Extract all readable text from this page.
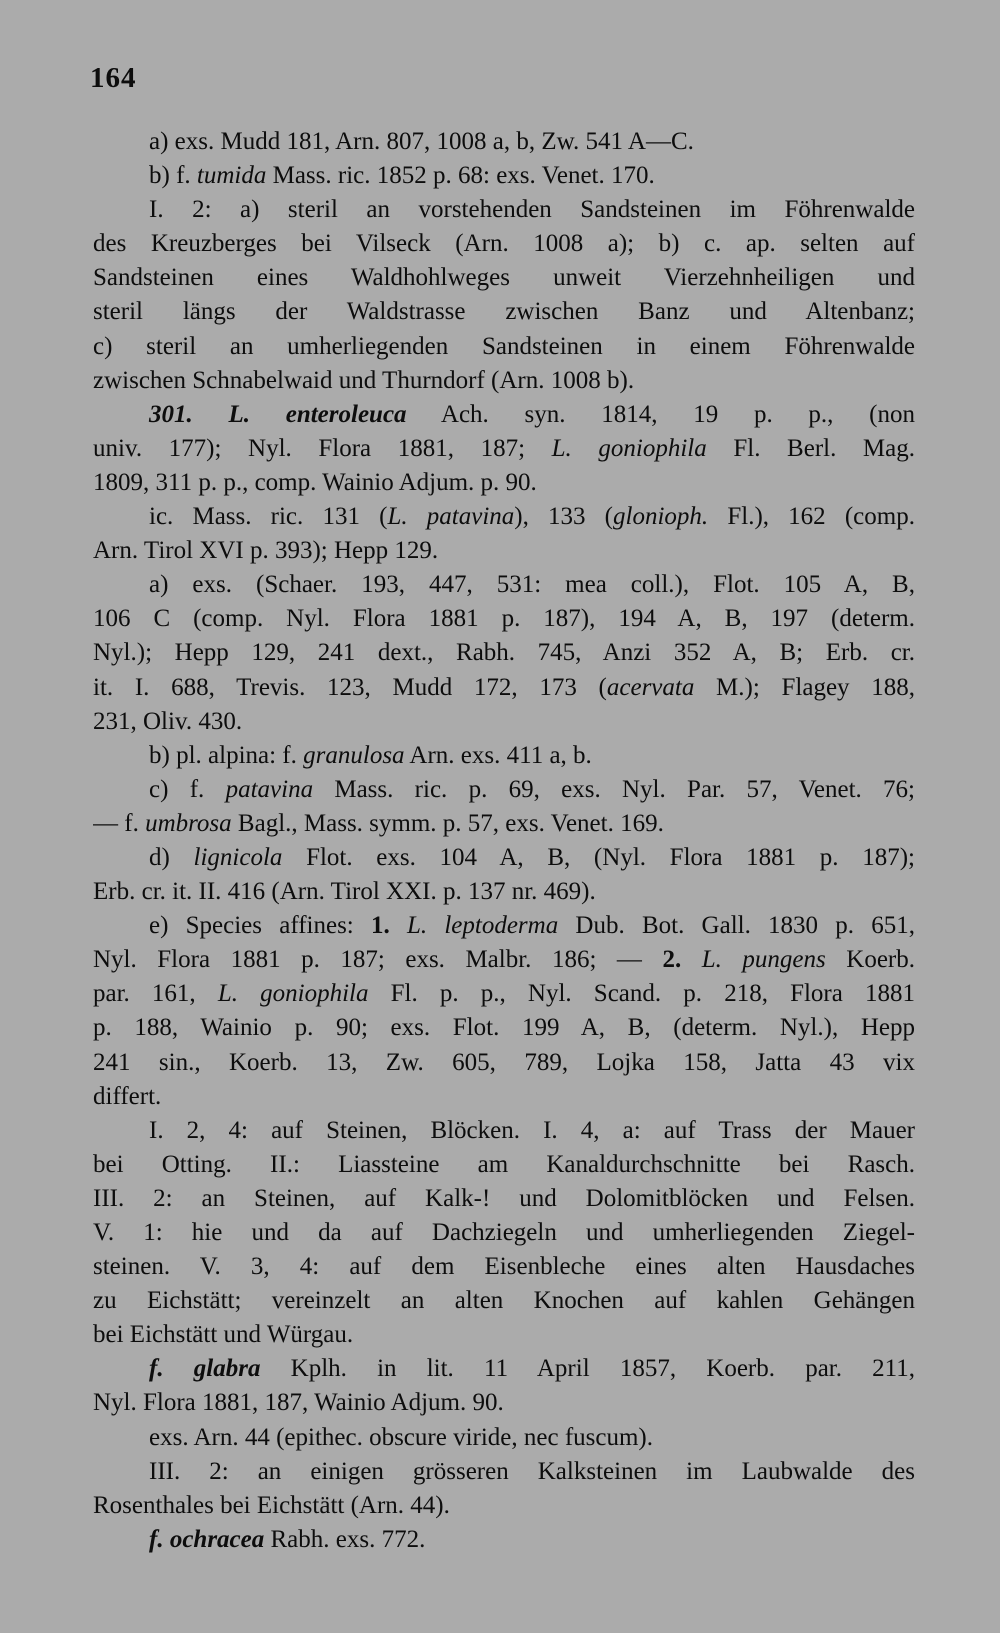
164
a) exs. Mudd 181, Arn. 807, 1008 a, b, Zw. 541 A—C.
b) f. tumida Mass. ric. 1852 p. 68: exs. Venet. 170.
I. 2: a) steril an vorstehenden Sandsteinen im Föhrenwalde
des Kreuzberges bei Vilseck (Arn. 1008 a); b) c. ap. selten auf
Sandsteinen eines Waldhohlweges unweit Vierzehnheiligen und
steril längs der Waldstrasse zwischen Banz und Altenbanz;
c) steril an umherliegenden Sandsteinen in einem Föhrenwalde
zwischen Schnabelwaid und Thurndorf (Arn. 1008 b).
301. L. enteroleuca Ach. syn. 1814, 19 p. p., (non
univ. 177); Nyl. Flora 1881, 187; L. goniophila Fl. Berl. Mag.
1809, 311 p. p., comp. Wainio Adjum. p. 90.
ic. Mass. ric. 131 (L. patavina), 133 (glonioph. Fl.), 162 (comp.
Arn. Tirol XVI p. 393); Hepp 129.
a) exs. (Schaer. 193, 447, 531: mea coll.), Flot. 105 A, B,
106 C (comp. Nyl. Flora 1881 p. 187), 194 A, B, 197 (determ.
Nyl.); Hepp 129, 241 dext., Rabh. 745, Anzi 352 A, B; Erb. cr.
it. I. 688, Trevis. 123, Mudd 172, 173 (acervata M.); Flagey 188,
231, Oliv. 430.
b) pl. alpina: f. granulosa Arn. exs. 411 a, b.
c) f. patavina Mass. ric. p. 69, exs. Nyl. Par. 57, Venet. 76;
— f. umbrosa Bagl., Mass. symm. p. 57, exs. Venet. 169.
d) lignicola Flot. exs. 104 A, B, (Nyl. Flora 1881 p. 187);
Erb. cr. it. II. 416 (Arn. Tirol XXI. p. 137 nr. 469).
e) Species affines: 1. L. leptoderma Dub. Bot. Gall. 1830 p. 651,
Nyl. Flora 1881 p. 187; exs. Malbr. 186; — 2. L. pungens Koerb.
par. 161, L. goniophila Fl. p. p., Nyl. Scand. p. 218, Flora 1881
p. 188, Wainio p. 90; exs. Flot. 199 A, B, (determ. Nyl.), Hepp
241 sin., Koerb. 13, Zw. 605, 789, Lojka 158, Jatta 43 vix
differt.
I. 2, 4: auf Steinen, Blöcken. I. 4, a: auf Trass der Mauer
bei Otting. II.: Liassteine am Kanaldurchschnitte bei Rasch.
III. 2: an Steinen, auf Kalk-! und Dolomitblöcken und Felsen.
V. 1: hie und da auf Dachziegeln und umherliegenden Ziegel-
steinen. V. 3, 4: auf dem Eisenbleche eines alten Hausdaches
zu Eichstätt; vereinzelt an alten Knochen auf kahlen Gehängen
bei Eichstätt und Würgau.
f. glabra Kplh. in lit. 11 April 1857, Koerb. par. 211,
Nyl. Flora 1881, 187, Wainio Adjum. 90.
exs. Arn. 44 (epithec. obscure viride, nec fuscum).
III. 2: an einigen grösseren Kalksteinen im Laubwalde des
Rosenthales bei Eichstätt (Arn. 44).
f. ochracea Rabh. exs. 772.
